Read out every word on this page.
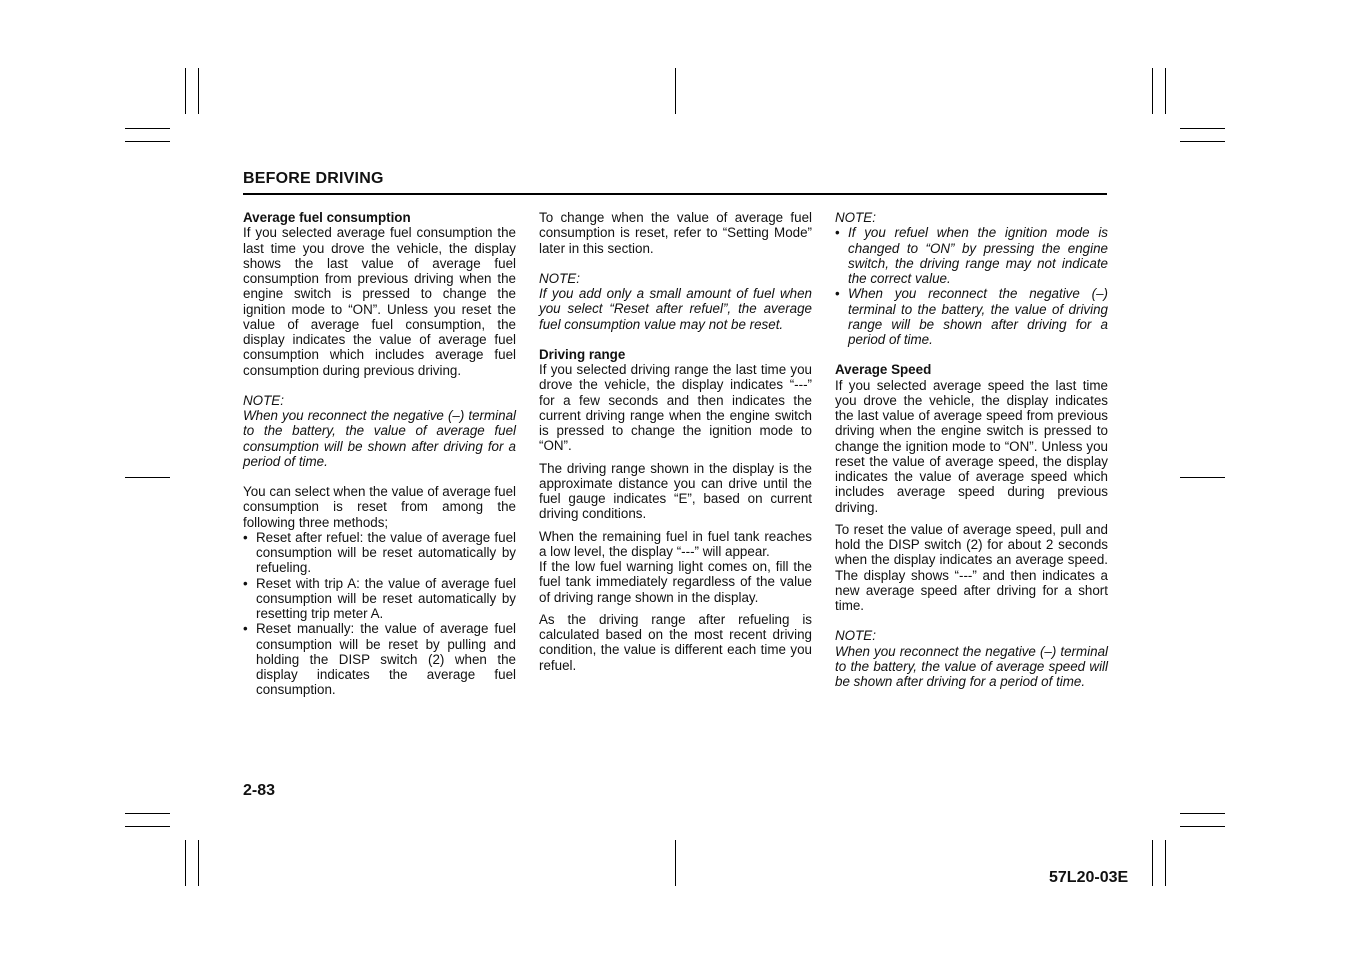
BEFORE DRIVING

Average fuel consumption

If you selected average fuel consumption the last time you drove the vehicle, the display shows the last value of average fuel consumption from previous driving when the engine switch is pressed to change the ignition mode to “ON”. Unless you reset the value of average fuel consumption, the display indicates the value of average fuel consumption which includes average fuel consumption during previous driving.

NOTE:

When you reconnect the negative (–) terminal to the battery, the value of average fuel consumption will be shown after driving for a period of time.

You can select when the value of average fuel consumption is reset from among the following three methods;

• Reset after refuel: the value of average fuel consumption will be reset automatically by refueling.
• Reset with trip A: the value of average fuel consumption will be reset automatically by resetting trip meter A.
• Reset manually: the value of average fuel consumption will be reset by pulling and holding the DISP switch (2) when the display indicates the average fuel consumption.

To change when the value of average fuel consumption is reset, refer to “Setting Mode” later in this section.

NOTE:

If you add only a small amount of fuel when you select “Reset after refuel”, the average fuel consumption value may not be reset.

Driving range

If you selected driving range the last time you drove the vehicle, the display indicates “---” for a few seconds and then indicates the current driving range when the engine switch is pressed to change the ignition mode to “ON”.

The driving range shown in the display is the approximate distance you can drive until the fuel gauge indicates “E”, based on current driving conditions.

When the remaining fuel in fuel tank reaches a low level, the display “---” will appear.

If the low fuel warning light comes on, fill the fuel tank immediately regardless of the value of driving range shown in the display.

As the driving range after refueling is calculated based on the most recent driving condition, the value is different each time you refuel.

NOTE:

• If you refuel when the ignition mode is changed to “ON” by pressing the engine switch, the driving range may not indicate the correct value.
• When you reconnect the negative (–) terminal to the battery, the value of driving range will be shown after driving for a period of time.

Average Speed

If you selected average speed the last time you drove the vehicle, the display indicates the last value of average speed from previous driving when the engine switch is pressed to change the ignition mode to “ON”. Unless you reset the value of average speed, the display indicates the value of average speed which includes average speed during previous driving.

To reset the value of average speed, pull and hold the DISP switch (2) for about 2 seconds when the display indicates an average speed. The display shows “---” and then indicates a new average speed after driving for a short time.

NOTE:

When you reconnect the negative (–) terminal to the battery, the value of average speed will be shown after driving for a period of time.

2-83
57L20-03E
